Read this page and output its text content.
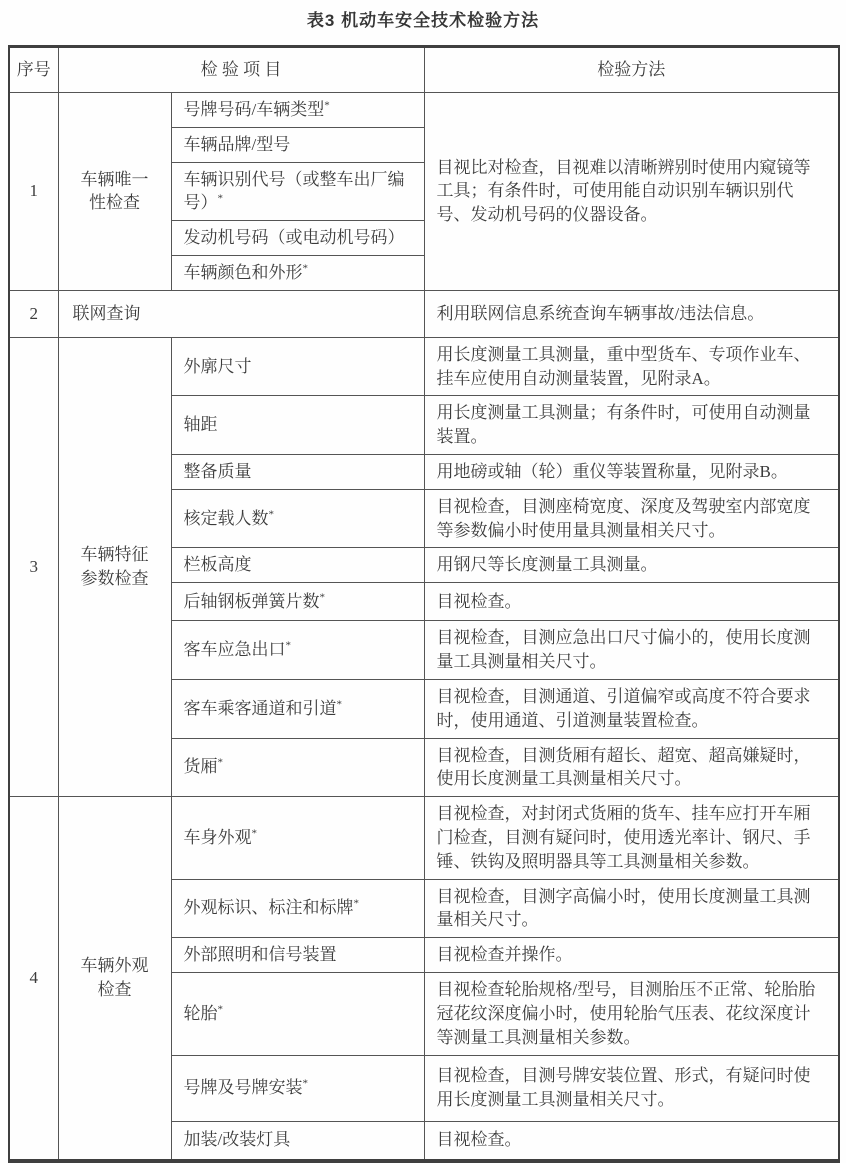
表3 机动车安全技术检验方法
序号	检 验 项 目		检验方法
1	车辆唯一性检查	号牌号码/车辆类型*	目视比对检查，目视难以清晰辨别时使用内窥镜等工具；有条件时，可使用能自动识别车辆识别代号、发动机号码的仪器设备。
		车辆品牌/型号	
		车辆识别代号（或整车出厂编号）*
		发动机号码（或电动机号码）	
		车辆颜色和外形*
2	联网查询		利用联网信息系统查询车辆事故/违法信息。
3	车辆特征参数检查	外廓尺寸	用长度测量工具测量，重中型货车、专项作业车、挂车应使用自动测量装置，见附录A。
		轴距	用长度测量工具测量；有条件时，可使用自动测量装置。
		整备质量	用地磅或轴（轮）重仪等装置称量，见附录B。
		核定载人数*	目视检查，目测座椅宽度、深度及驾驶室内部宽度等参数偏小时使用量具测量相关尺寸。
		栏板高度	用钢尺等长度测量工具测量。
		后轴钢板弹簧片数*	目视检查。
		客车应急出口*	目视检查，目测应急出口尺寸偏小的，使用长度测量工具测量相关尺寸。
		客车乘客通道和引道*	目视检查，目测通道、引道偏窄或高度不符合要求时，使用通道、引道测量装置检查。
		货厢*	目视检查，目测货厢有超长、超宽、超高嫌疑时，使用长度测量工具测量相关尺寸。
4	车辆外观检查	车身外观*	目视检查，对封闭式货厢的货车、挂车应打开车厢门检查，目测有疑问时，使用透光率计、钢尺、手锤、铁钩及照明器具等工具测量相关参数。
		外观标识、标注和标牌*	目视检查，目测字高偏小时，使用长度测量工具测量相关尺寸。
		外部照明和信号装置	目视检查并操作。
		轮胎*	目视检查轮胎规格/型号，目测胎压不正常、轮胎胎冠花纹深度偏小时，使用轮胎气压表、花纹深度计等测量工具测量相关参数。
		号牌及号牌安装*	目视检查，目测号牌安装位置、形式，有疑问时使用长度测量工具测量相关尺寸。
		加装/改装灯具	目视检查。
